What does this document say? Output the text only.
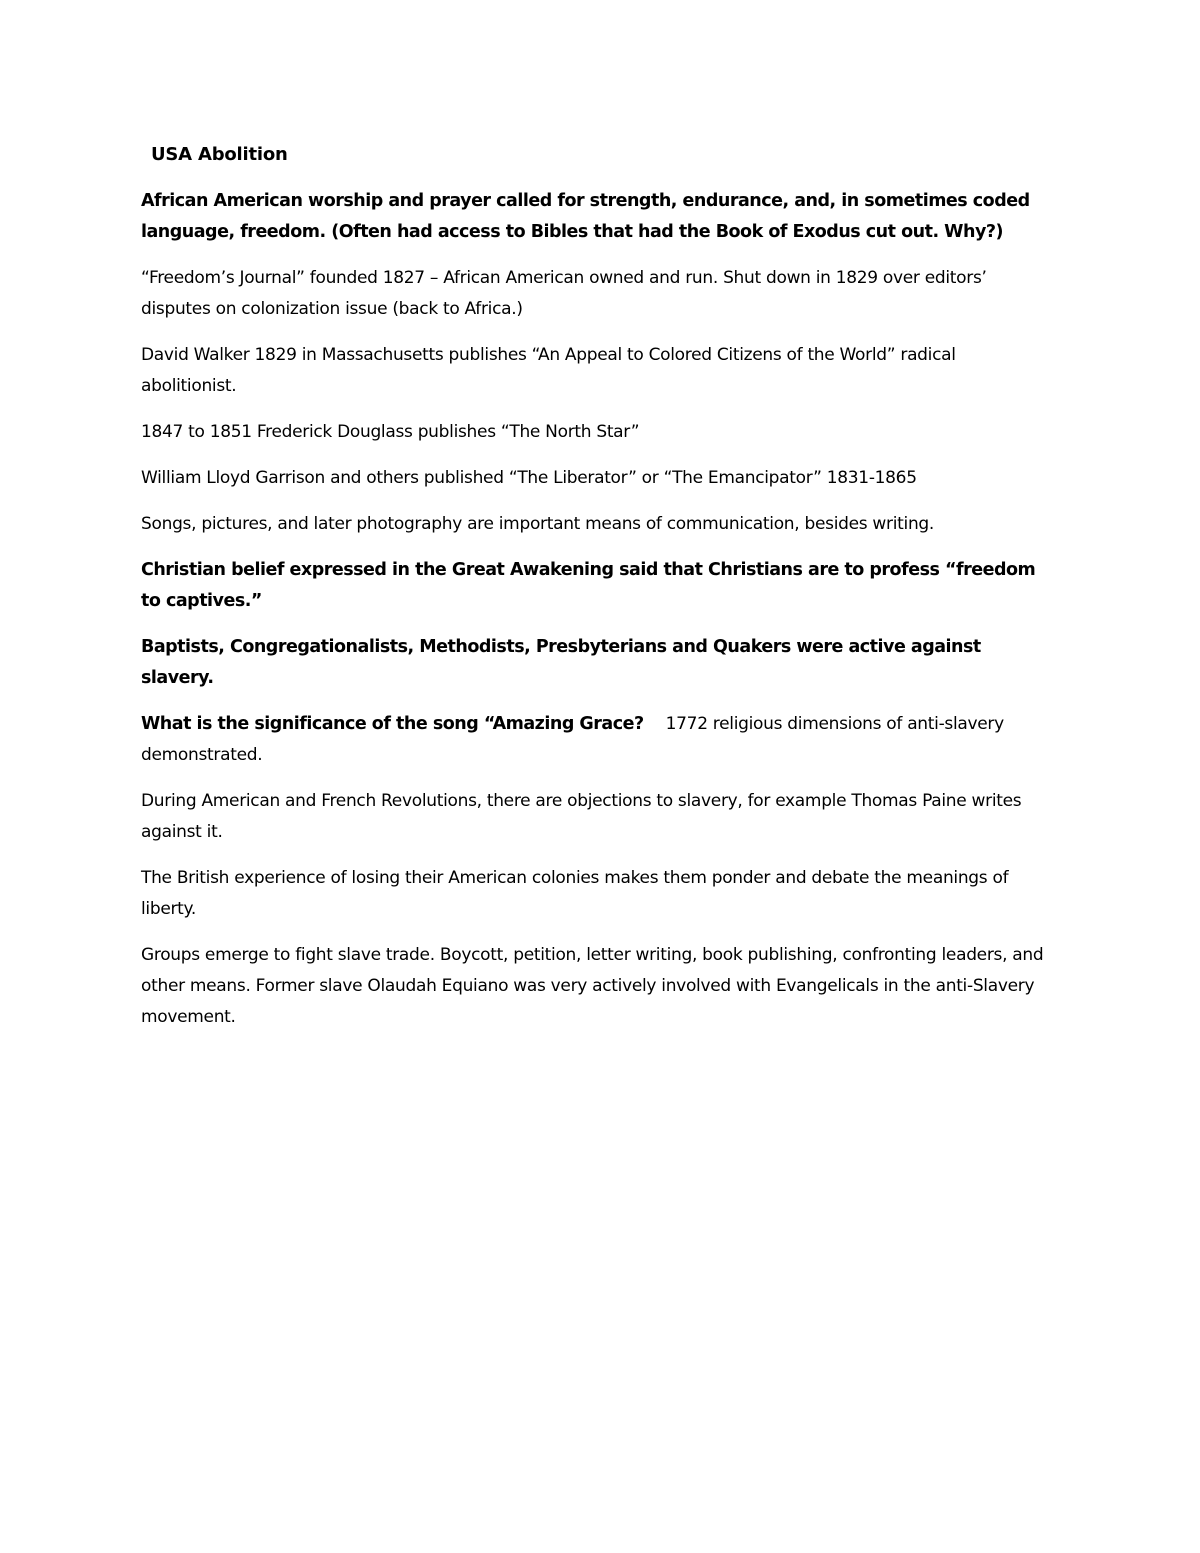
USA Abolition

African American worship and prayer called for strength, endurance, and, in sometimes coded language, freedom. (Often had access to Bibles that had the Book of Exodus cut out. Why?)

“Freedom’s Journal” founded 1827 – African American owned and run. Shut down in 1829 over editors’ disputes on colonization issue (back to Africa.)

David Walker 1829 in Massachusetts publishes “An Appeal to Colored Citizens of the World” radical abolitionist.

1847 to 1851 Frederick Douglass publishes “The North Star”

William Lloyd Garrison and others published “The Liberator” or “The Emancipator” 1831-1865

Songs, pictures, and later photography are important means of communication, besides writing.

Christian belief expressed in the Great Awakening said that Christians are to profess “freedom to captives.”

Baptists, Congregationalists, Methodists, Presbyterians and Quakers were active against slavery.

What is the significance of the song “Amazing Grace? 1772 religious dimensions of anti-slavery demonstrated.

During American and French Revolutions, there are objections to slavery, for example Thomas Paine writes against it.

The British experience of losing their American colonies makes them ponder and debate the meanings of liberty.

Groups emerge to fight slave trade. Boycott, petition, letter writing, book publishing, confronting leaders, and other means. Former slave Olaudah Equiano was very actively involved with Evangelicals in the anti-Slavery movement.
